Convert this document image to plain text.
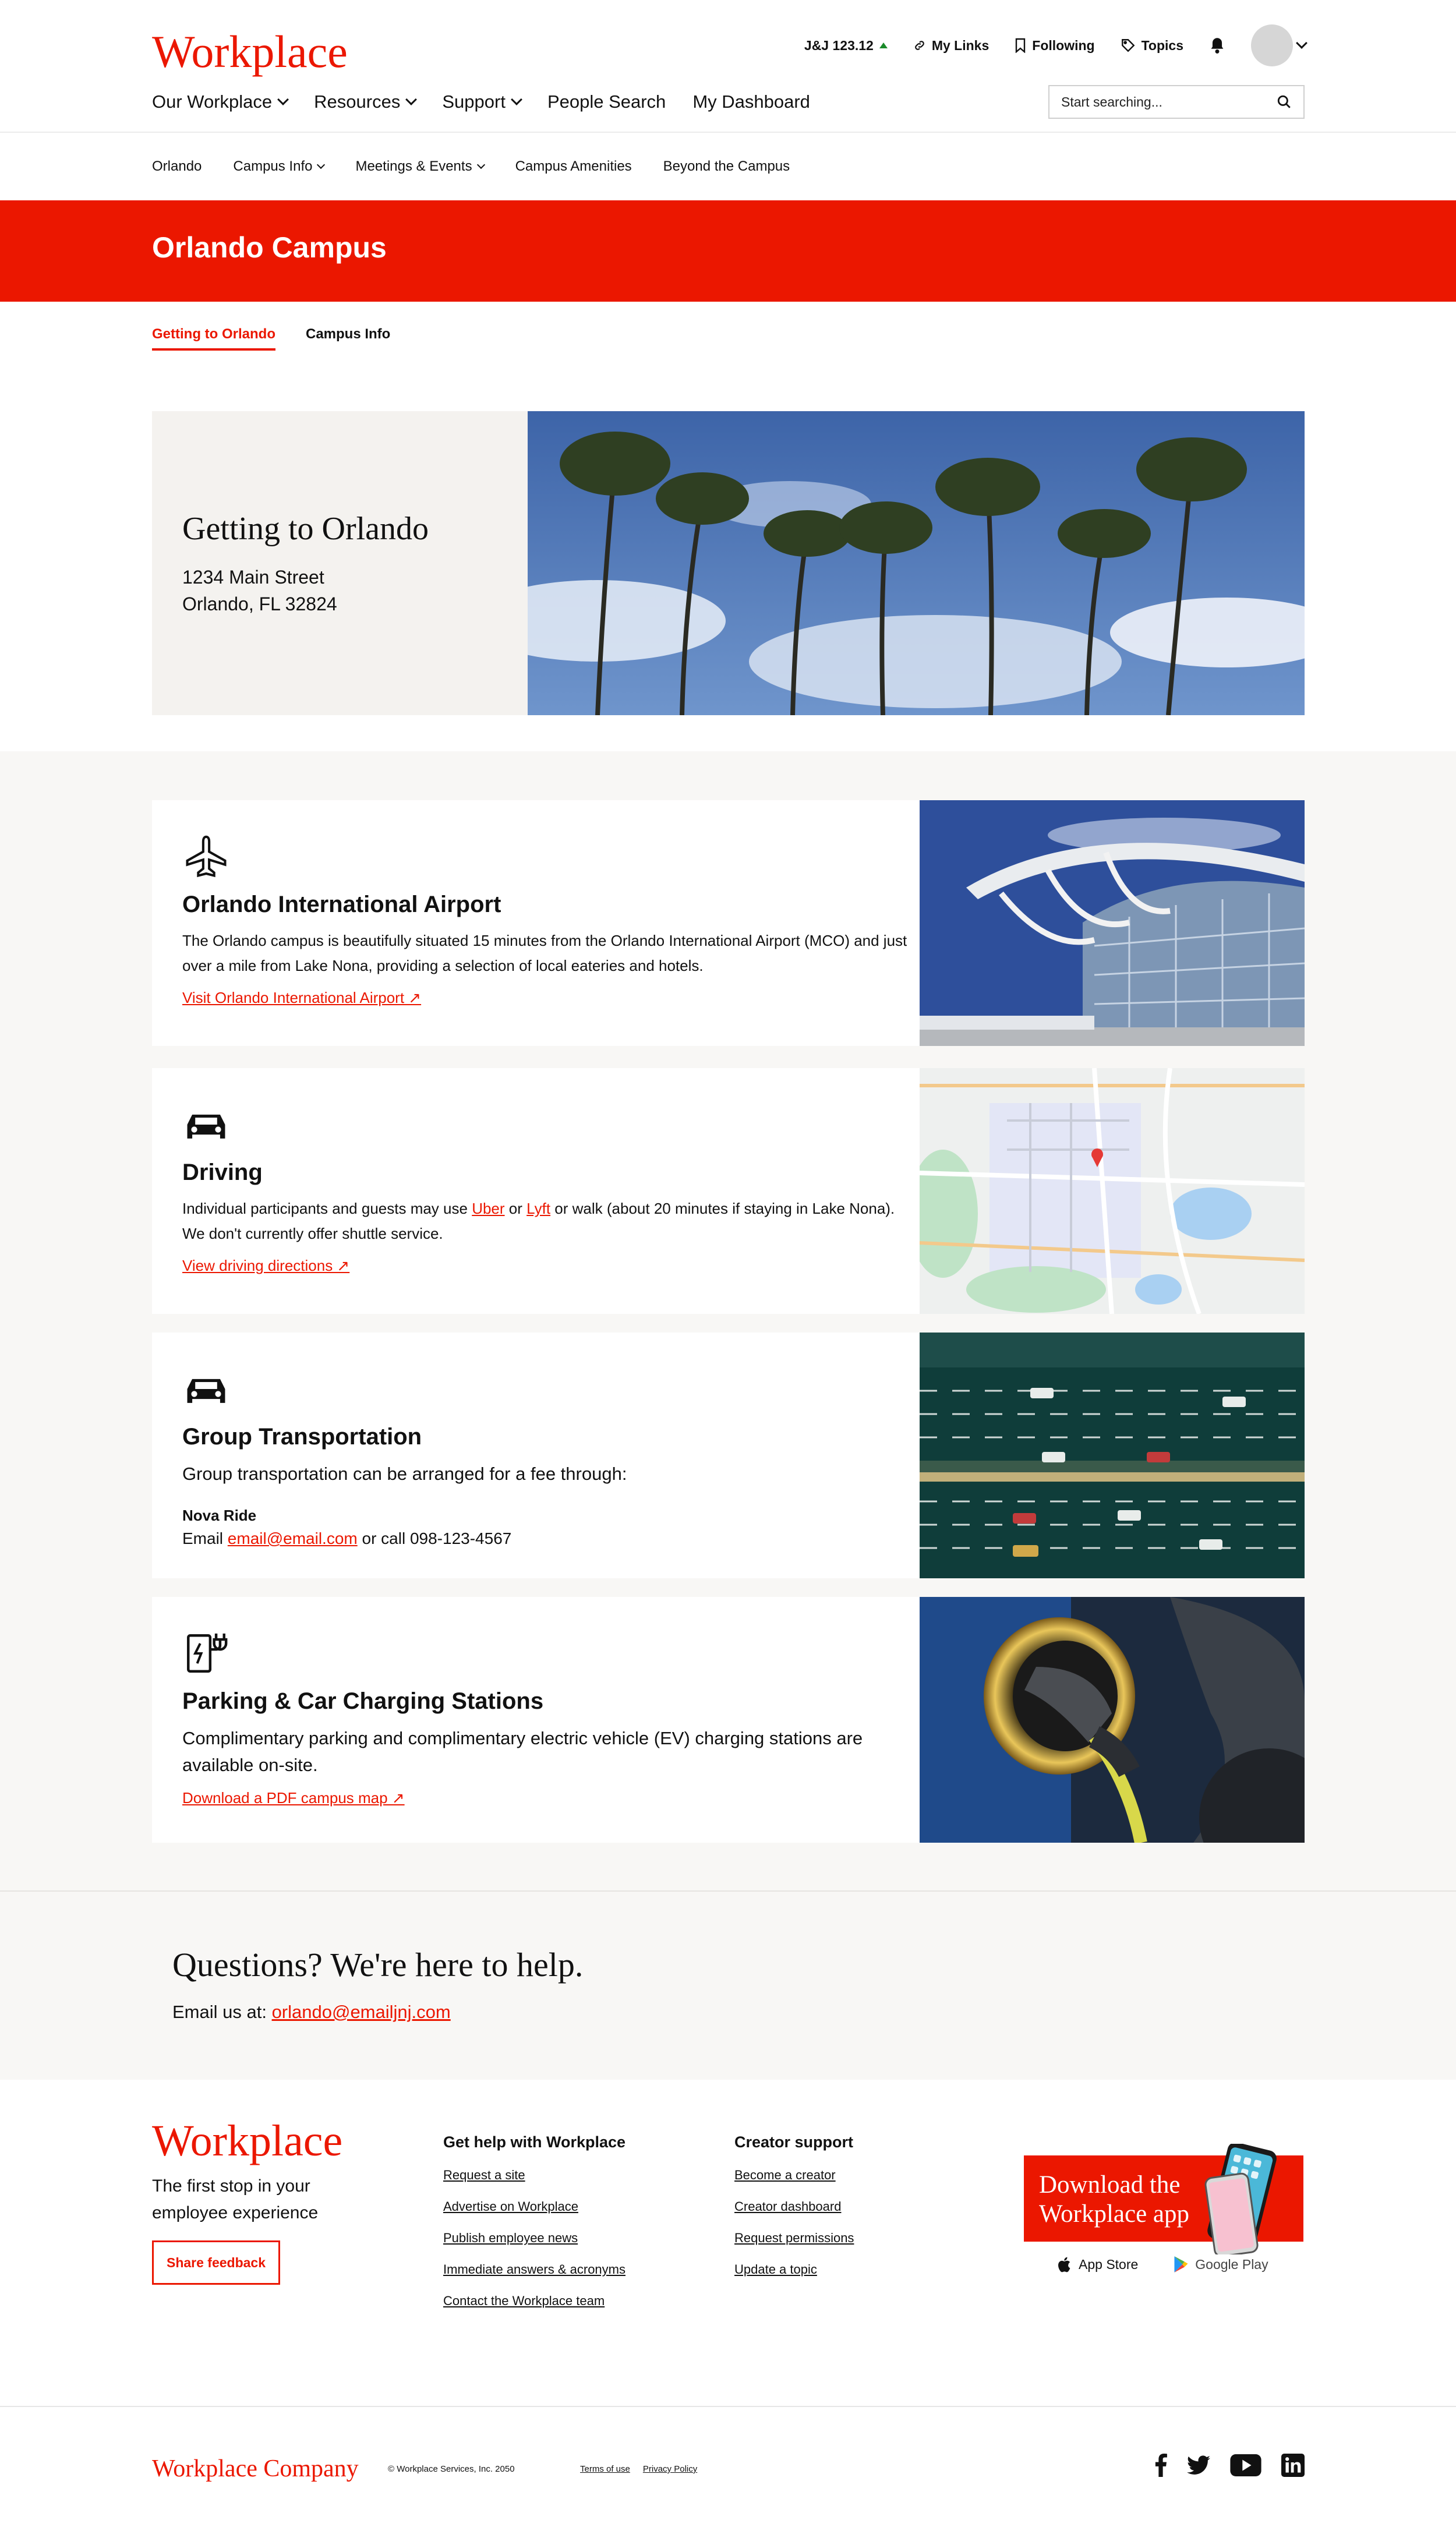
Workplace	J&J 123.12	My Links	Following	Topics
Our Workplace Resources Support People Search My Dashboard	Start searching...
Orlando Campus Info	Meetings & Events	Campus Amenities Beyond the Campus
Orlando Campus
Getting to Orlando Campus Info
Getting to Orlando
1234 Main Street
Orlando, FL 32824
Orlando International Airport

The Orlando campus is beautifully situated 15 minutes from the Orlando International Airport (MCO) and just over a mile from Lake Nona, providing a selection of local eateries and hotels.

Visit Orlando International Airport ↗
Driving

Individual participants and guests may use Uber or Lyft or walk (about 20 minutes if staying in Lake Nona). We don't currently offer shuttle service.

View driving directions ↗
Group Transportation

Group transportation can be arranged for a fee through:

Nova Ride
Email email@email.com or call 098-123-4567

Parking & Car Charging Stations

Complimentary parking and complimentary electric vehicle (EV) charging stations are available on-site.

Download a PDF campus map ↗
Questions? We're here to help.

Email us at: orlando@emailjnj.com

Workplace
The first stop in your employee experience
Share feedback
Get help with Workplace
Request a site
Advertise on Workplace
Publish employee news
Immediate answers & acronyms
Contact the Workplace team
Creator support
Become a creator
Creator dashboard
Request permissions
Update a topic
Download the
Workplace app
App Store	Google Play
Workplace Company	© Workplace Services, Inc. 2050	Terms of use Privacy Policy
